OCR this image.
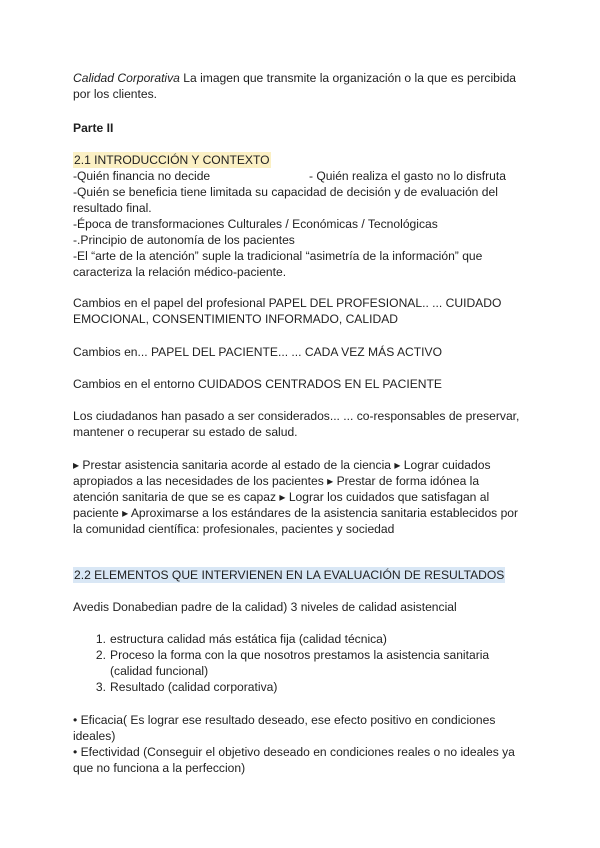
Calidad Corporativa La imagen que transmite la organización o la que es percibida
por los clientes.

Parte II

2.1 INTRODUCCIÓN Y CONTEXTO
-Quién financia no decide	- Quién realiza el gasto no lo disfruta
-Quién se beneficia tiene limitada su capacidad de decisión y de evaluación del
resultado final.
-Época de transformaciones Culturales / Económicas / Tecnológicas
-.Principio de autonomía de los pacientes
-El “arte de la atención” suple la tradicional “asimetría de la información” que
caracteriza la relación médico-paciente.

Cambios en el papel del profesional PAPEL DEL PROFESIONAL.. ... CUIDADO
EMOCIONAL, CONSENTIMIENTO INFORMADO, CALIDAD

Cambios en... PAPEL DEL PACIENTE... ... CADA VEZ MÁS ACTIVO

Cambios en el entorno CUIDADOS CENTRADOS EN EL PACIENTE

Los ciudadanos han pasado a ser considerados... ... co-responsables de preservar,
mantener o recuperar su estado de salud.

▸ Prestar asistencia sanitaria acorde al estado de la ciencia ▸ Lograr cuidados
apropiados a las necesidades de los pacientes ▸ Prestar de forma idónea la
atención sanitaria de que se es capaz ▸ Lograr los cuidados que satisfagan al
paciente ▸ Aproximarse a los estándares de la asistencia sanitaria establecidos por
la comunidad científica: profesionales, pacientes y sociedad

2.2 ELEMENTOS QUE INTERVIENEN EN LA EVALUACIÓN DE RESULTADOS

Avedis Donabedian padre de la calidad) 3 niveles de calidad asistencial

1. estructura calidad más estática fija (calidad técnica)
2. Proceso la forma con la que nosotros prestamos la asistencia sanitaria
(calidad funcional)
3. Resultado (calidad corporativa)

• Eficacia( Es lograr ese resultado deseado, ese efecto positivo en condiciones
ideales)

• Efectividad (Conseguir el objetivo deseado en condiciones reales o no ideales ya
que no funciona a la perfeccion)
